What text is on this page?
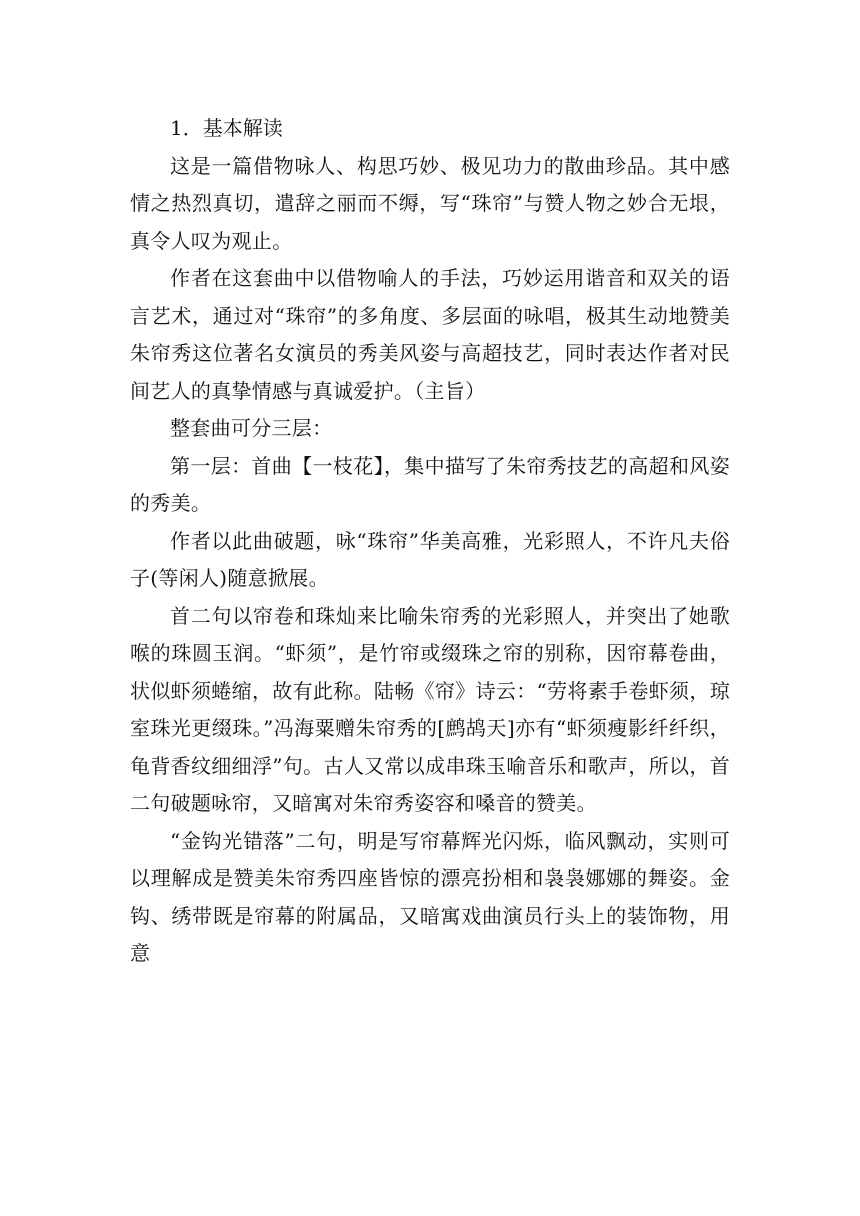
1．基本解读

这是一篇借物咏人、构思巧妙、极见功力的散曲珍品。其中感情之热烈真切，遣辞之丽而不缛，写“珠帘”与赞人物之妙合无垠，真令人叹为观止。

作者在这套曲中以借物喻人的手法，巧妙运用谐音和双关的语言艺术，通过对“珠帘”的多角度、多层面的咏唱，极其生动地赞美朱帘秀这位著名女演员的秀美风姿与高超技艺，同时表达作者对民间艺人的真挚情感与真诚爱护。（主旨）

整套曲可分三层：

第一层：首曲【一枝花】，集中描写了朱帘秀技艺的高超和风姿的秀美。

作者以此曲破题，咏“珠帘”华美高雅，光彩照人，不许凡夫俗子(等闲人)随意掀展。

首二句以帘卷和珠灿来比喻朱帘秀的光彩照人，并突出了她歌喉的珠圆玉润。“虾须”，是竹帘或缀珠之帘的别称，因帘幕卷曲，状似虾须蜷缩，故有此称。陆畅《帘》诗云：“劳将素手卷虾须，琼室珠光更缀珠。”冯海粟赠朱帘秀的[鹧鸪天]亦有“虾须瘦影纤纤织，龟背香纹细细浮”句。古人又常以成串珠玉喻音乐和歌声，所以，首二句破题咏帘，又暗寓对朱帘秀姿容和嗓音的赞美。

“金钩光错落”二句，明是写帘幕辉光闪烁，临风飘动，实则可以理解成是赞美朱帘秀四座皆惊的漂亮扮相和袅袅娜娜的舞姿。金钩、绣带既是帘幕的附属品，又暗寓戏曲演员行头上的装饰物，用意
